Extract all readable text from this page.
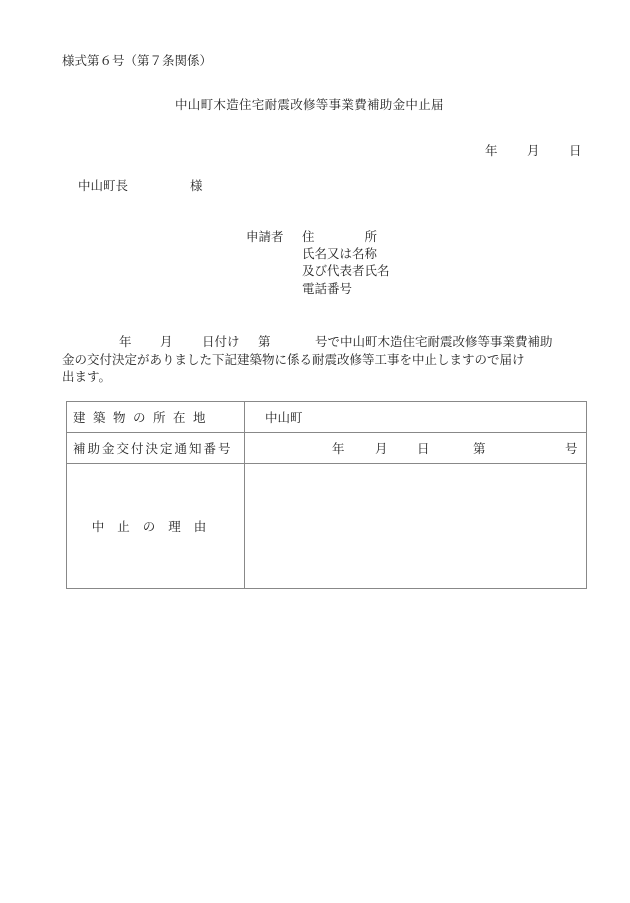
様式第６号（第７条関係）
中山町木造住宅耐震改修等事業費補助金中止届
年 月 日
中山町長	様
申請者 住　　　　所
氏名又は名称
及び代表者氏名
電話番号
年 月 日付け 第	号で中山町木造住宅耐震改修等事業費補助
金の交付決定がありました下記建築物に係る耐震改修等工事を中止しますので届け
出ます。
建築物の所在地	中山町
補助金交付決定通知番号	年 月 日 第 号

中止の理由	
